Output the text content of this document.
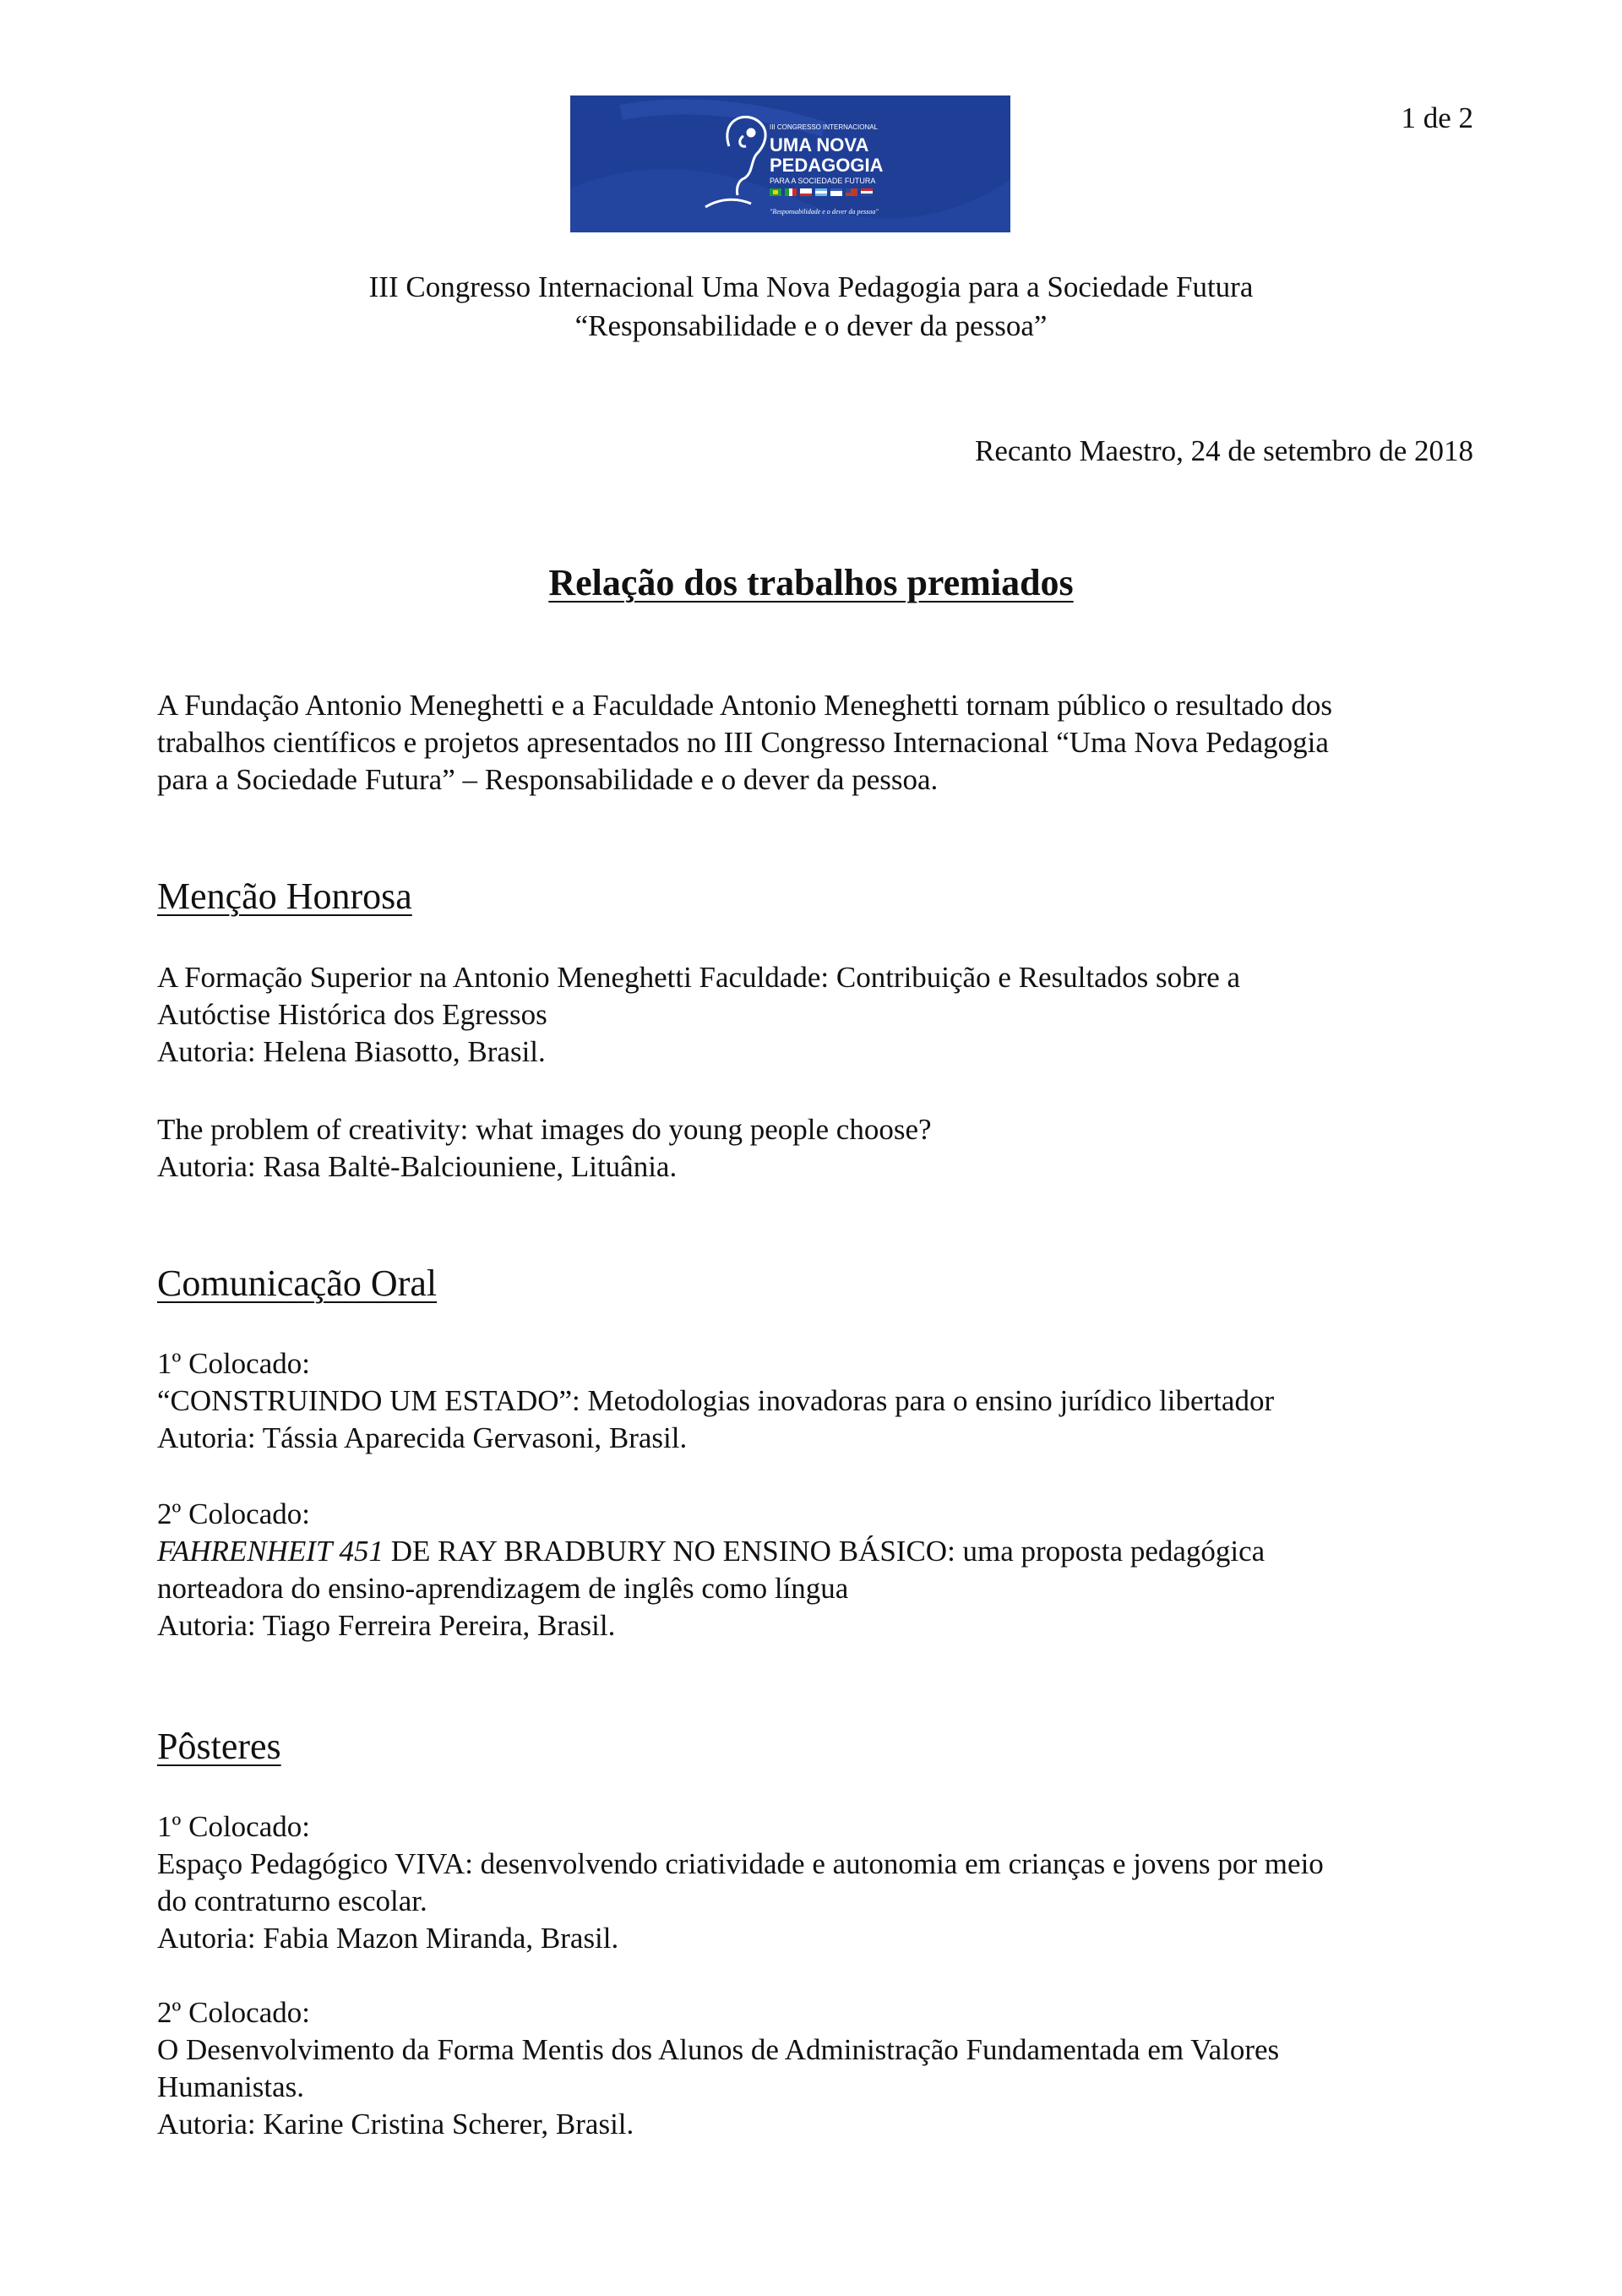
1 de 2
III CONGRESSO INTERNACIONAL
UMA NOVA
PEDAGOGIA
PARA A SOCIEDADE FUTURA
"Responsabilidade e o dever da pessoa"
III Congresso Internacional Uma Nova Pedagogia para a Sociedade Futura
“Responsabilidade e o dever da pessoa”
Recanto Maestro, 24 de setembro de 2018
Relação dos trabalhos premiados

A Fundação Antonio Meneghetti e a Faculdade Antonio Meneghetti tornam público o resultado dos

trabalhos científicos e projetos apresentados no III Congresso Internacional “Uma Nova Pedagogia

para a Sociedade Futura” – Responsabilidade e o dever da pessoa.

Menção Honrosa

A Formação Superior na Antonio Meneghetti Faculdade: Contribuição e Resultados sobre a

Autóctise Histórica dos Egressos

Autoria: Helena Biasotto, Brasil.

The problem of creativity: what images do young people choose?

Autoria: Rasa Baltė-Balciouniene, Lituânia.

Comunicação Oral

1º Colocado:

“CONSTRUINDO UM ESTADO”: Metodologias inovadoras para o ensino jurídico libertador

Autoria: Tássia Aparecida Gervasoni, Brasil.

2º Colocado:

FAHRENHEIT 451 DE RAY BRADBURY NO ENSINO BÁSICO: uma proposta pedagógica

norteadora do ensino-aprendizagem de inglês como língua

Autoria: Tiago Ferreira Pereira, Brasil.

Pôsteres

1º Colocado:

Espaço Pedagógico VIVA: desenvolvendo criatividade e autonomia em crianças e jovens por meio

do contraturno escolar.

Autoria: Fabia Mazon Miranda, Brasil.

2º Colocado:

O Desenvolvimento da Forma Mentis dos Alunos de Administração Fundamentada em Valores

Humanistas.

Autoria: Karine Cristina Scherer, Brasil.
